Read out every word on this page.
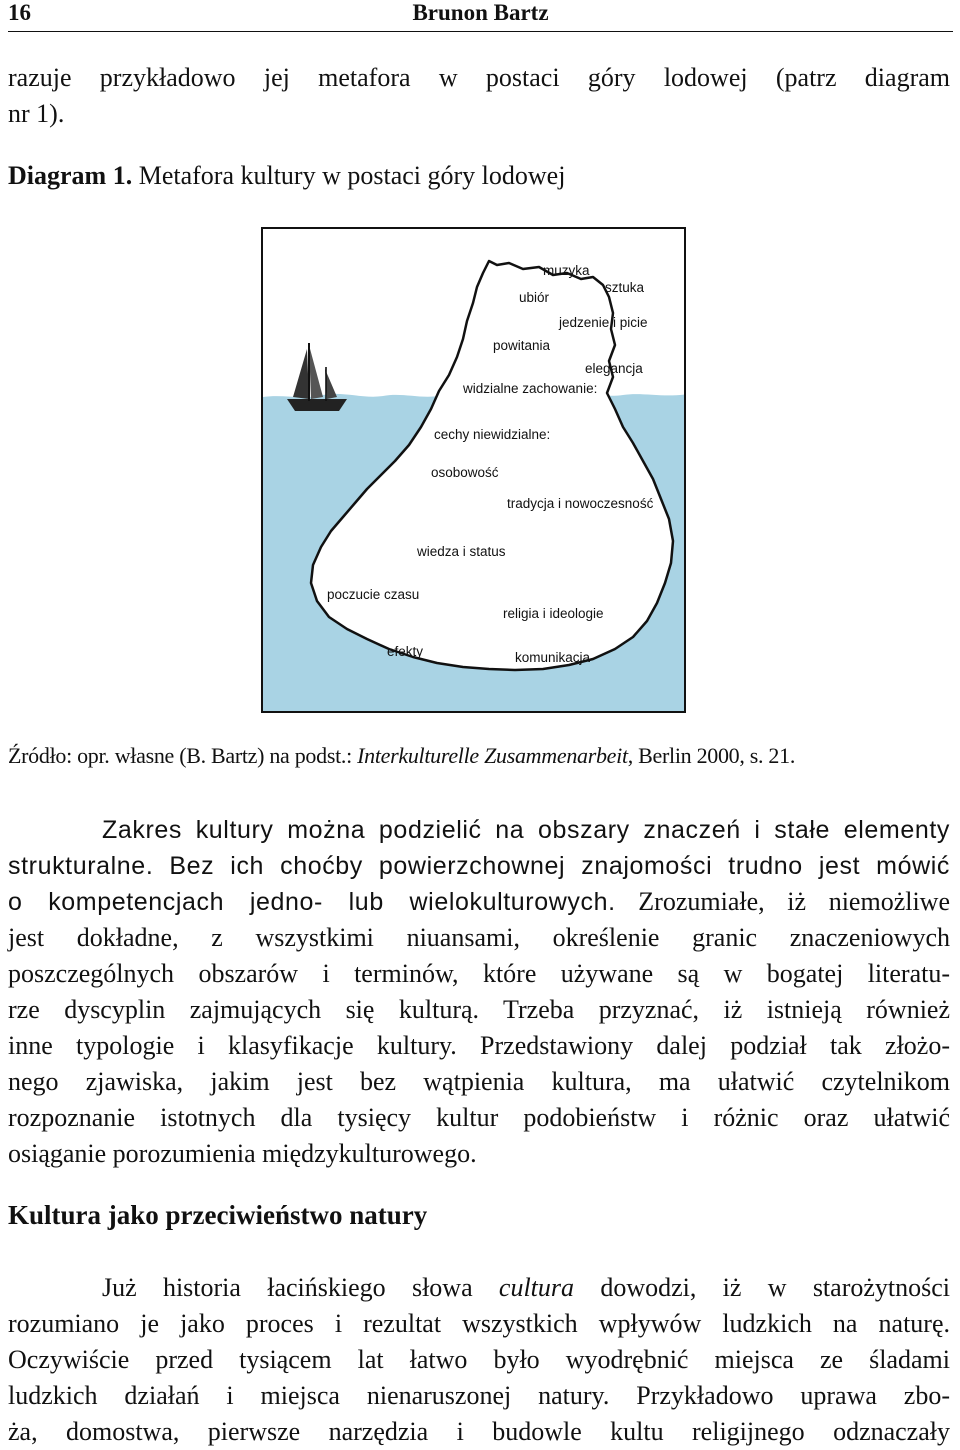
16	Brunon Bartz
razuje przykładowo jej metafora w postaci góry lodowej (patrz diagram
nr 1).
Diagram 1. Metafora kultury w postaci góry lodowej
muzyka
sztuka
ubiór
jedzenie i picie
powitania
elegancja
widzialne zachowanie:
cechy niewidzialne:
osobowość
tradycja i nowoczesność
wiedza i status
poczucie czasu
religia i ideologie
efekty	komunikacja
Źródło: opr. własne (B. Bartz) na podst.: Interkulturelle Zusammenarbeit, Berlin 2000, s. 21.
Zakres kultury można podzielić na obszary znaczeń i stałe elementy
strukturalne. Bez ich choćby powierzchownej znajomości trudno jest mówić
o kompetencjach jedno- lub wielokulturowych. Zrozumiałe, iż niemożliwe
jest dokładne, z wszystkimi niuansami, określenie granic znaczeniowych
poszczególnych obszarów i terminów, które używane są w bogatej literatu-
rze dyscyplin zajmujących się kulturą. Trzeba przyznać, iż istnieją również
inne typologie i klasyfikacje kultury. Przedstawiony dalej podział tak złożo-
nego zjawiska, jakim jest bez wątpienia kultura, ma ułatwić czytelnikom
rozpoznanie istotnych dla tysięcy kultur podobieństw i różnic oraz ułatwić
osiąganie porozumienia międzykulturowego.
Kultura jako przeciwieństwo natury
Już historia łacińskiego słowa cultura dowodzi, iż w starożytności
rozumiano je jako proces i rezultat wszystkich wpływów ludzkich na naturę.
Oczywiście przed tysiącem lat łatwo było wyodrębnić miejsca ze śladami
ludzkich działań i miejsca nienaruszonej natury. Przykładowo uprawa zbo-
ża, domostwa, pierwsze narzędzia i budowle kultu religijnego odznaczały
